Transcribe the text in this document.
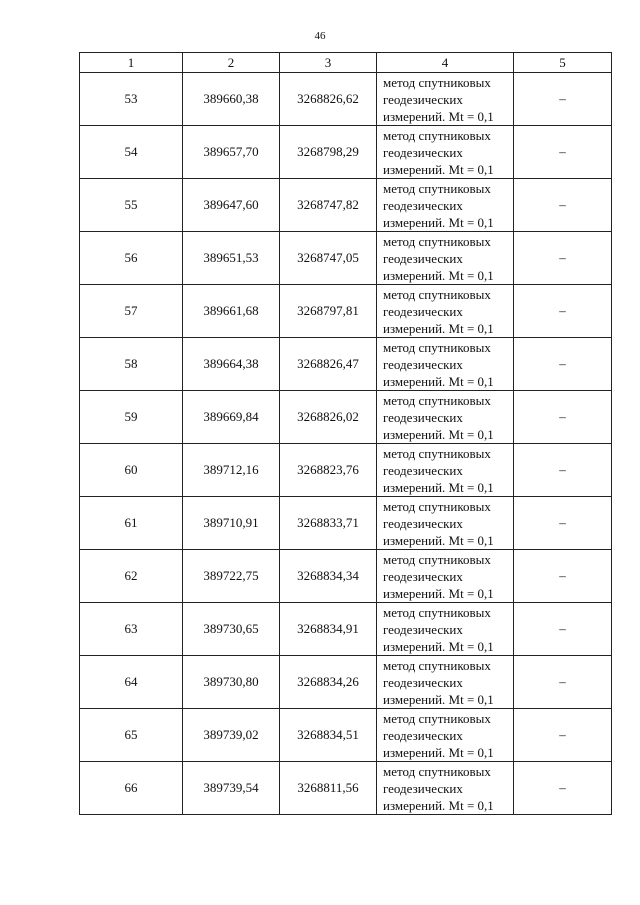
46
1	2	3	4	5
53	389660,38	3268826,62	метод спутниковых
геодезических
измерений. Mt = 0,1	–
54	389657,70	3268798,29	метод спутниковых
геодезических
измерений. Mt = 0,1	–
55	389647,60	3268747,82	метод спутниковых
геодезических
измерений. Mt = 0,1	–
56	389651,53	3268747,05	метод спутниковых
геодезических
измерений. Mt = 0,1	–
57	389661,68	3268797,81	метод спутниковых
геодезических
измерений. Mt = 0,1	–
58	389664,38	3268826,47	метод спутниковых
геодезических
измерений. Mt = 0,1	–
59	389669,84	3268826,02	метод спутниковых
геодезических
измерений. Mt = 0,1	–
60	389712,16	3268823,76	метод спутниковых
геодезических
измерений. Mt = 0,1	–
61	389710,91	3268833,71	метод спутниковых
геодезических
измерений. Mt = 0,1	–
62	389722,75	3268834,34	метод спутниковых
геодезических
измерений. Mt = 0,1	–
63	389730,65	3268834,91	метод спутниковых
геодезических
измерений. Mt = 0,1	–
64	389730,80	3268834,26	метод спутниковых
геодезических
измерений. Mt = 0,1	–
65	389739,02	3268834,51	метод спутниковых
геодезических
измерений. Mt = 0,1	–
66	389739,54	3268811,56	метод спутниковых
геодезических
измерений. Mt = 0,1	–
